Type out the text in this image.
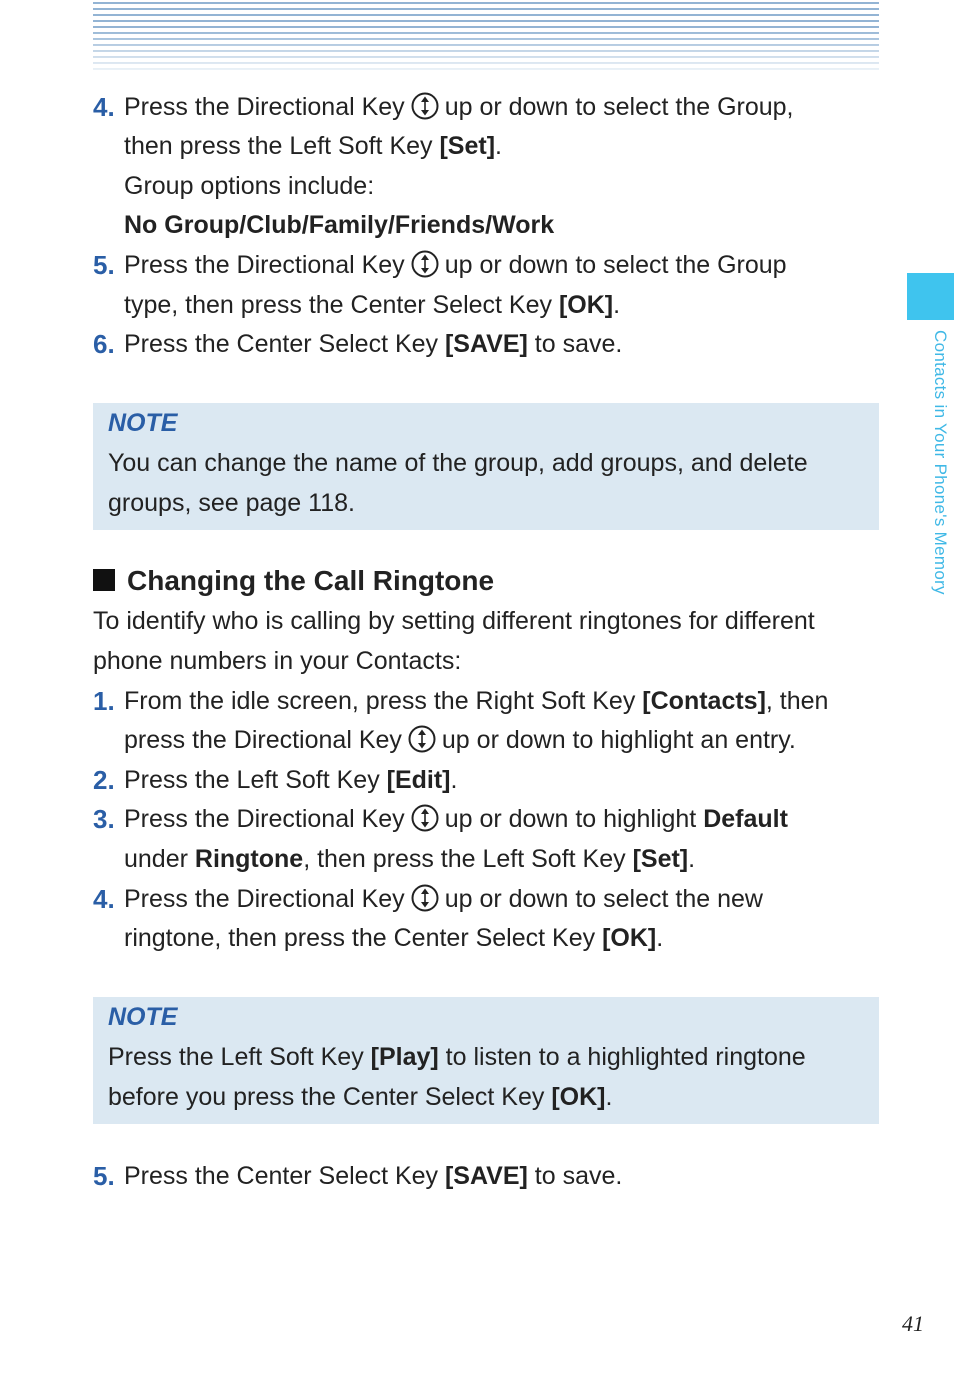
Contacts in Your Phone's Memory
4. Press the Directional Key up or down to select the Group,
then press the Left Soft Key [Set].
Group options include:
No Group/Club/Family/Friends/Work
5. Press the Directional Key up or down to select the Group
type, then press the Center Select Key [OK].
6. Press the Center Select Key [SAVE] to save.
NOTE
You can change the name of the group, add groups, and delete
groups, see page 118.
Changing the Call Ringtone
To identify who is calling by setting different ringtones for different
phone numbers in your Contacts:
1. From the idle screen, press the Right Soft Key [Contacts], then
press the Directional Key up or down to highlight an entry.
2. Press the Left Soft Key [Edit].
3. Press the Directional Key up or down to highlight Default
under Ringtone, then press the Left Soft Key [Set].
4. Press the Directional Key up or down to select the new
ringtone, then press the Center Select Key [OK].
NOTE
Press the Left Soft Key [Play] to listen to a highlighted ringtone
before you press the Center Select Key [OK].
5. Press the Center Select Key [SAVE] to save.
41
